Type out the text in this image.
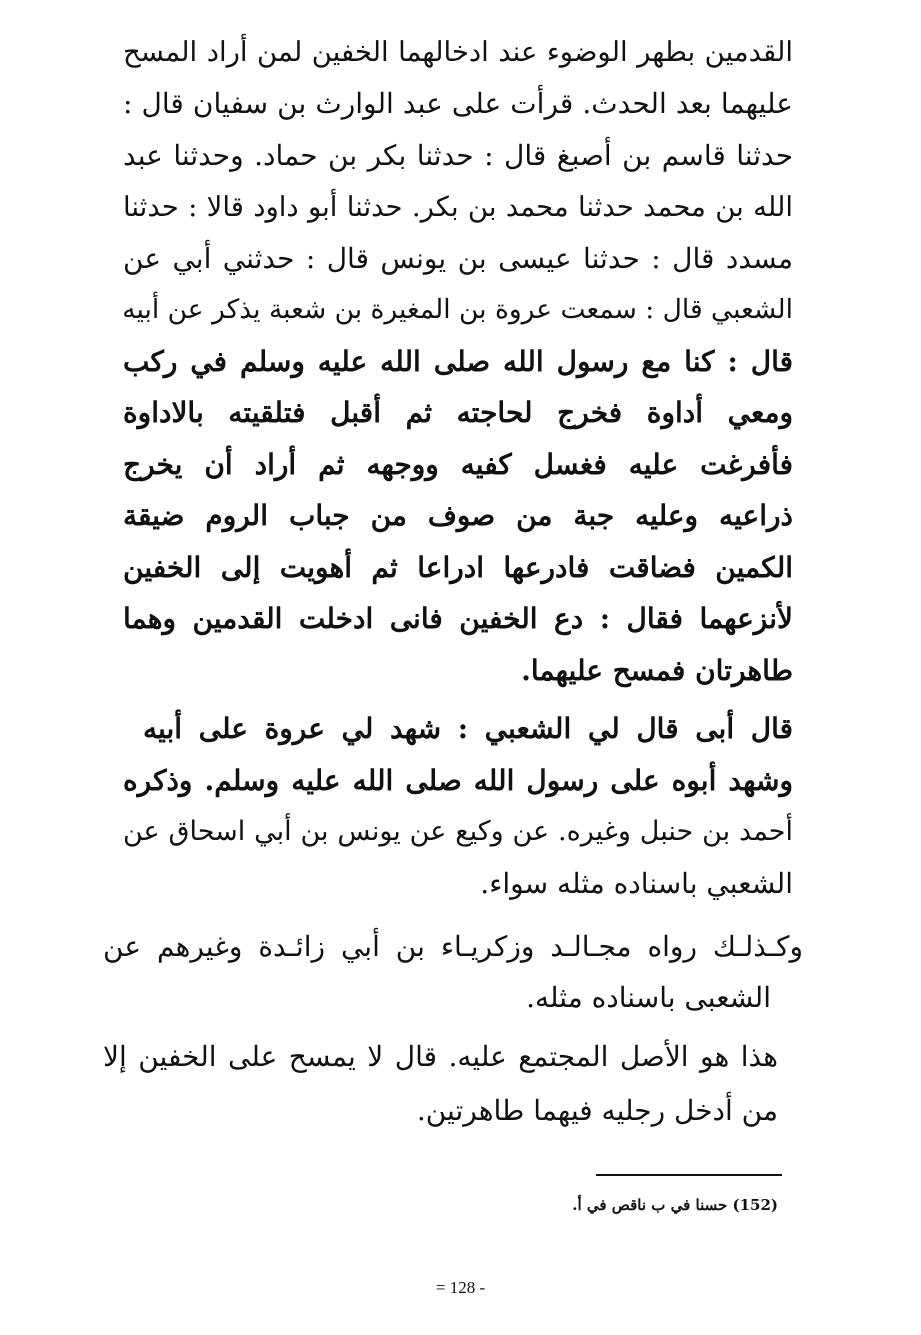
القدمين بطهر الوضوء عند ادخالهما الخفين لمن أراد المسح
عليهما بعد الحدث. قرأت على عبد الوارث بن سفيان قال :
حدثنا قاسم بن أصبغ قال : حدثنا بكر بن حماد. وحدثنا عبد
الله بن محمد حدثنا محمد بن بكر. حدثنا أبو داود قالا : حدثنا
مسدد قال : حدثنا عيسى بن يونس قال : حدثني أبي عن
الشعبي قال : سمعت عروة بن المغيرة بن شعبة يذكر عن أبيه
قال : كنا مع رسول الله صلى الله عليه وسلم في ركب
ومعي أداوة فخرج لحاجته ثم أقبل فتلقيته بالاداوة
فأفرغت عليه فغسل كفيه ووجهه ثم أراد أن يخرج
ذراعيه وعليه جبة من صوف من جباب الروم ضيقة
الكمين فضاقت فادرعها ادراعا ثم أهويت إلى الخفين
لأنزعهما فقال : دع الخفين فانى ادخلت القدمين وهما
طاهرتان فمسح عليهما.
قال أبى قال لي الشعبي : شهد لي عروة على أبيه
وشهد أبوه على رسول الله صلى الله عليه وسلم. وذكره
أحمد بن حنبل وغيره. عن وكيع عن يونس بن أبي اسحاق عن
الشعبي باسناده مثله سواء.
وكـذلـك رواه مجـالـد وزكريـاء بن أبي زائـدة وغيرهم عن
الشعبى باسناده مثله.
هذا هو الأصل المجتمع عليه. قال لا يمسح على الخفين إلا
من أدخل رجليه فيهما طاهرتين.
(152) حسنا في ب ناقص في أ.
= 128 -
